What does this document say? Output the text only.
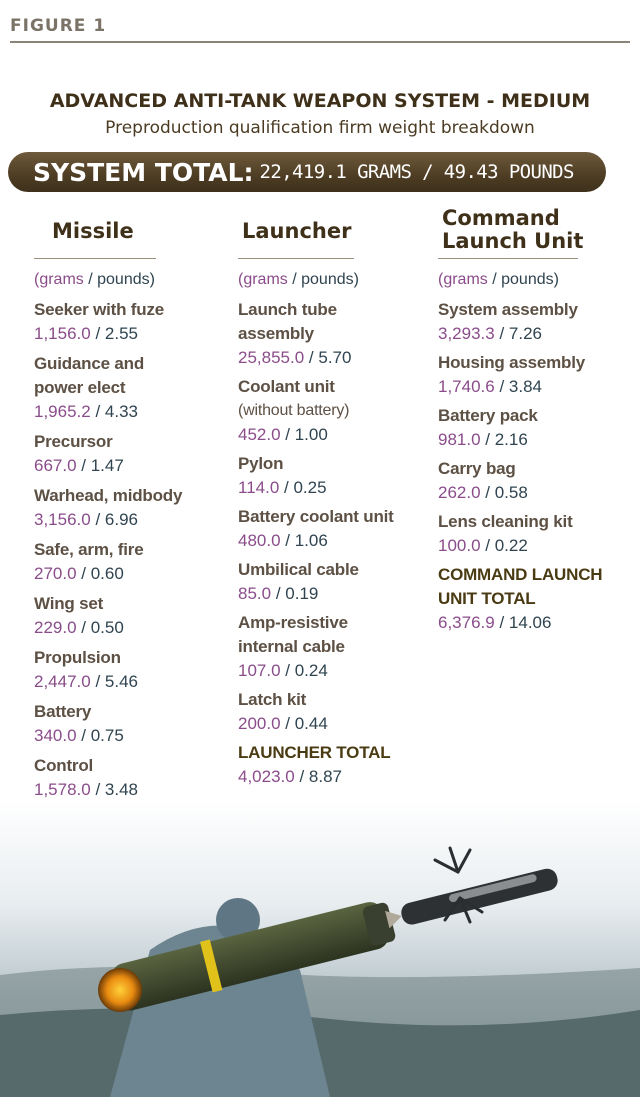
FIGURE 1
ADVANCED ANTI-TANK WEAPON SYSTEM - MEDIUM
Preproduction qualification firm weight breakdown
SYSTEM TOTAL: 22,419.1 GRAMS / 49.43 POUNDS
Missile
(grams / pounds)
Seeker with fuze
1,156.0 / 2.55
Guidance and
power elect
1,965.2 / 4.33
Precursor
667.0 / 1.47
Warhead, midbody
3,156.0 / 6.96
Safe, arm, fire
270.0 / 0.60
Wing set
229.0 / 0.50
Propulsion
2,447.0 / 5.46
Battery
340.0 / 0.75
Control
1,578.0 / 3.48
Launcher
(grams / pounds)
Launch tube
assembly
25,855.0 / 5.70
Coolant unit
(without battery)
452.0 / 1.00
Pylon
114.0 / 0.25
Battery coolant unit
480.0 / 1.06
Umbilical cable
85.0 / 0.19
Amp-resistive
internal cable
107.0 / 0.24
Latch kit
200.0 / 0.44
LAUNCHER TOTAL
4,023.0 / 8.87
Command
Launch Unit
(grams / pounds)
System assembly
3,293.3 / 7.26
Housing assembly
1,740.6 / 3.84
Battery pack
981.0 / 2.16
Carry bag
262.0 / 0.58
Lens cleaning kit
100.0 / 0.22
COMMAND LAUNCH
UNIT TOTAL
6,376.9 / 14.06
